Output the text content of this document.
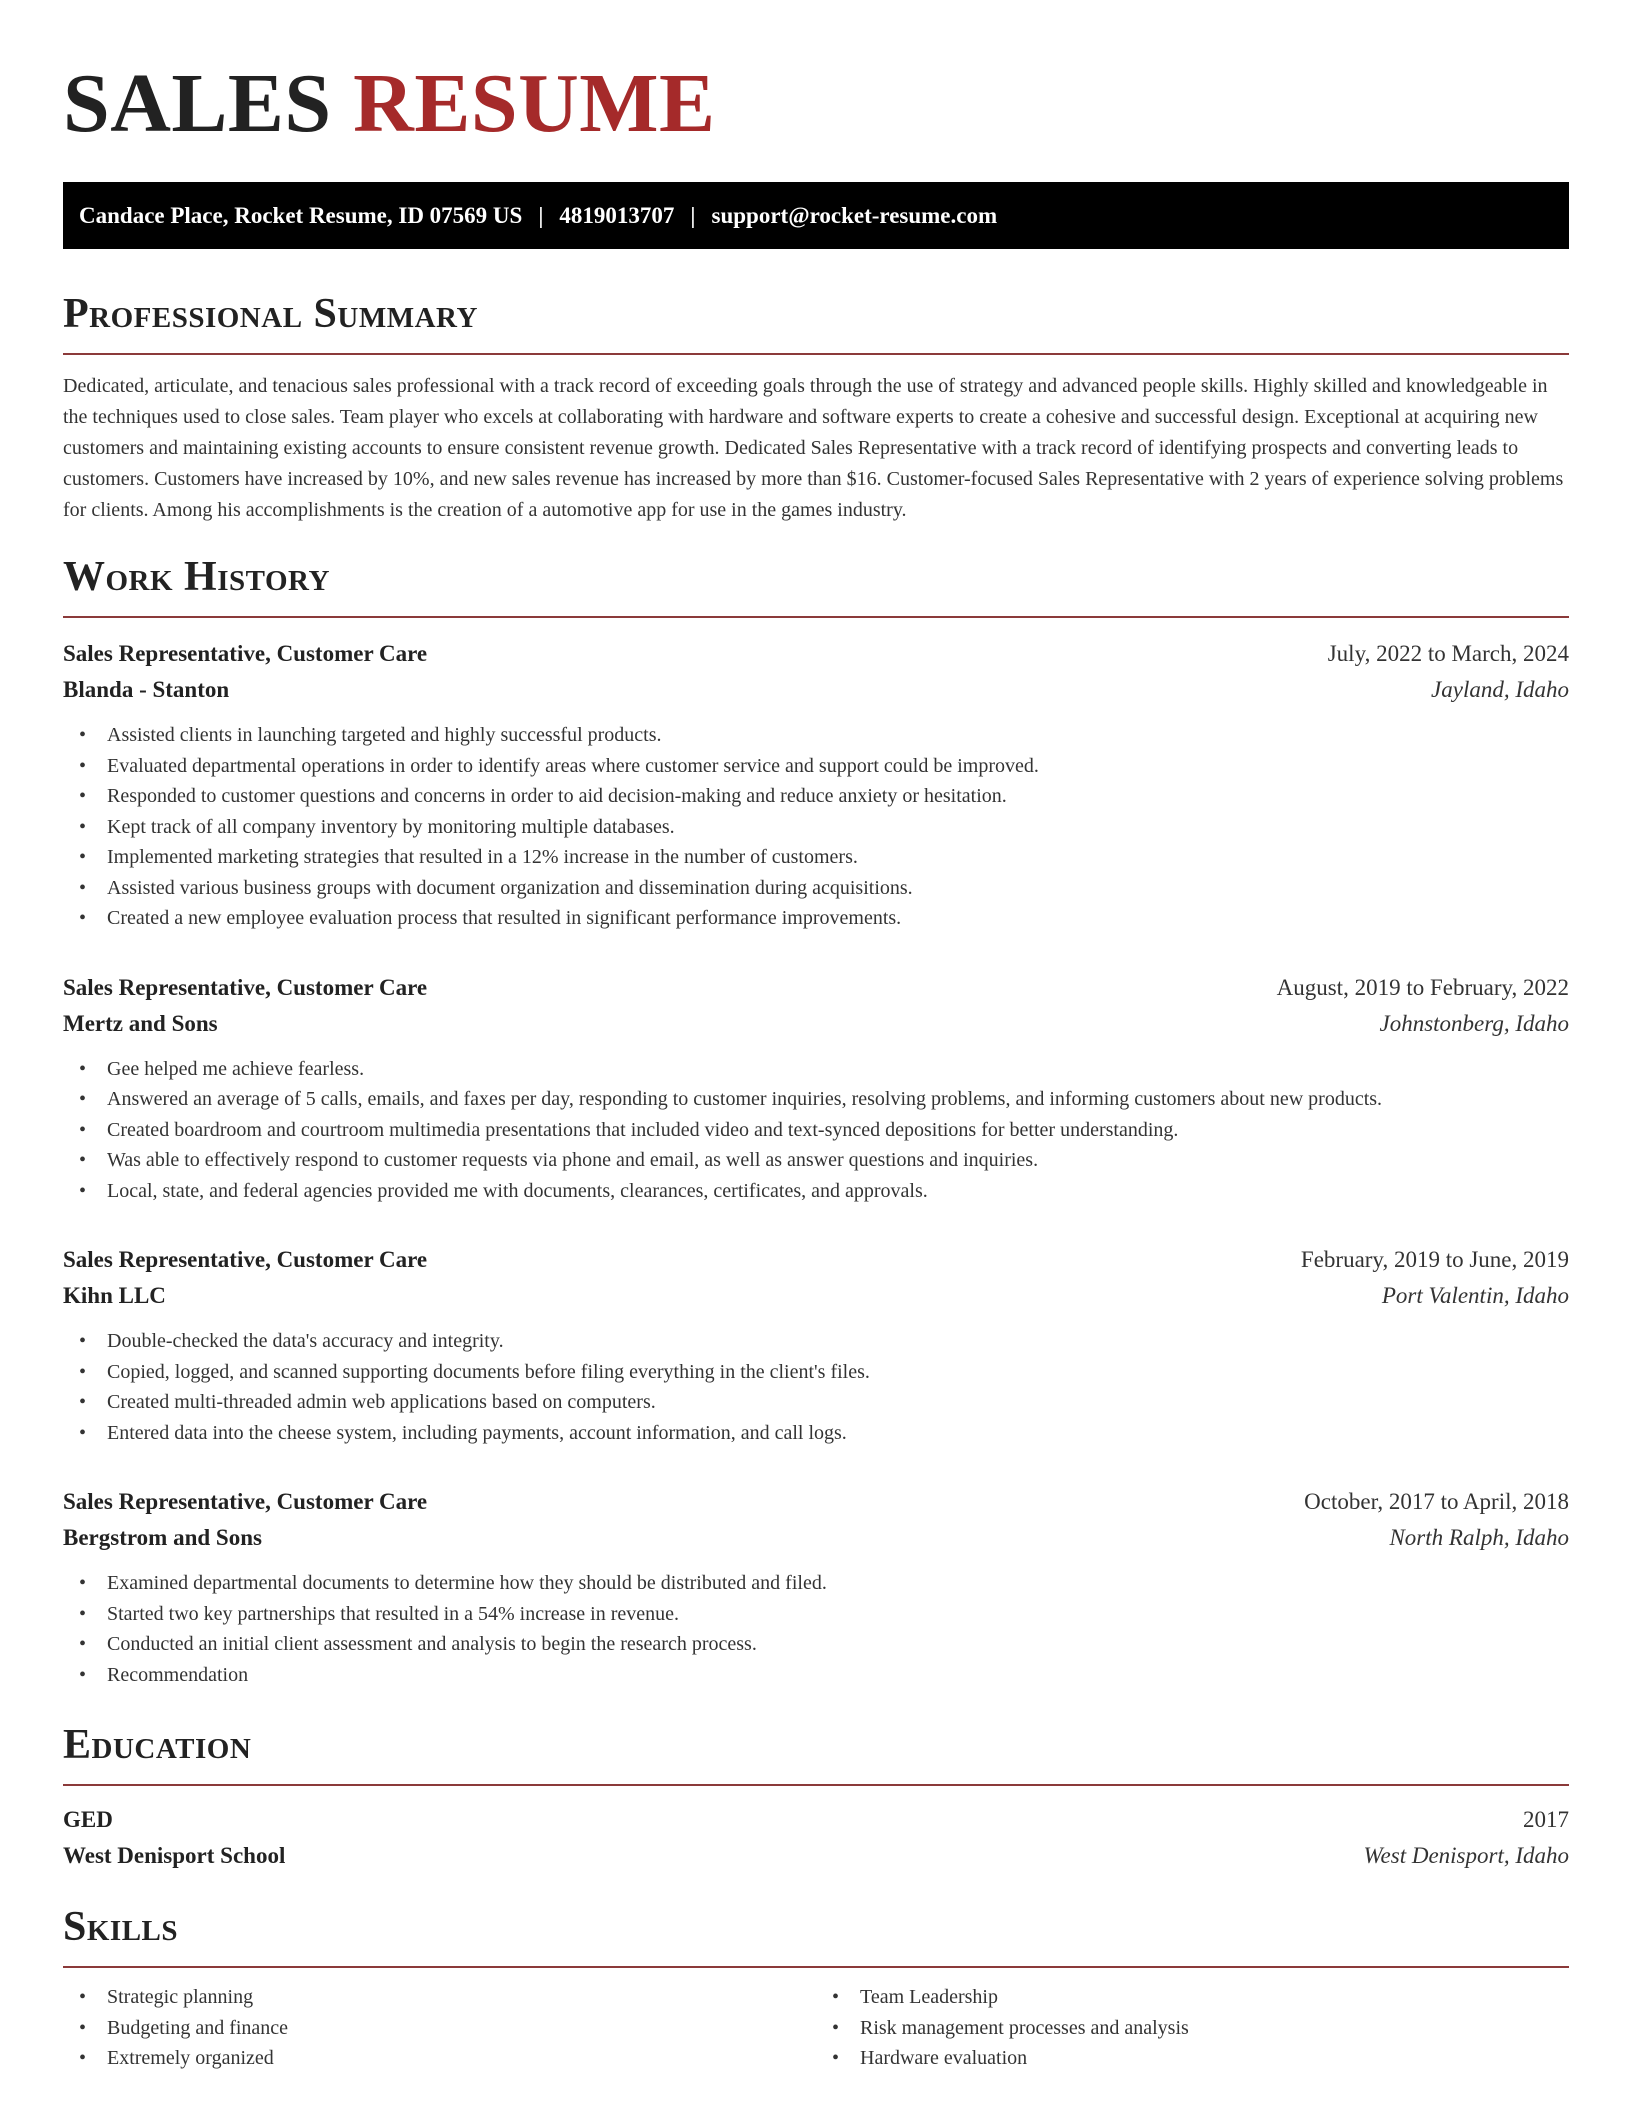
SALES RESUME
Candace Place, Rocket Resume, ID 07569 US | 4819013707 | support@rocket-resume.com
Professional Summary

Dedicated, articulate, and tenacious sales professional with a track record of exceeding goals through the use of strategy and advanced people skills. Highly skilled and knowledgeable in the techniques used to close sales. Team player who excels at collaborating with hardware and software experts to create a cohesive and successful design. Exceptional at acquiring new customers and maintaining existing accounts to ensure consistent revenue growth. Dedicated Sales Representative with a track record of identifying prospects and converting leads to customers. Customers have increased by 10%, and new sales revenue has increased by more than $16. Customer-focused Sales Representative with 2 years of experience solving problems for clients. Among his accomplishments is the creation of a automotive app for use in the games industry.

Work History
Sales Representative, Customer Care	July, 2022 to March, 2024
Blanda - Stanton	Jayland, Idaho
• Assisted clients in launching targeted and highly successful products.
• Evaluated departmental operations in order to identify areas where customer service and support could be improved.
• Responded to customer questions and concerns in order to aid decision-making and reduce anxiety or hesitation.
• Kept track of all company inventory by monitoring multiple databases.
• Implemented marketing strategies that resulted in a 12% increase in the number of customers.
• Assisted various business groups with document organization and dissemination during acquisitions.
• Created a new employee evaluation process that resulted in significant performance improvements.
Sales Representative, Customer Care	August, 2019 to February, 2022
Mertz and Sons	Johnstonberg, Idaho
• Gee helped me achieve fearless.
• Answered an average of 5 calls, emails, and faxes per day, responding to customer inquiries, resolving problems, and informing customers about new products.
• Created boardroom and courtroom multimedia presentations that included video and text-synced depositions for better understanding.
• Was able to effectively respond to customer requests via phone and email, as well as answer questions and inquiries.
• Local, state, and federal agencies provided me with documents, clearances, certificates, and approvals.
Sales Representative, Customer Care	February, 2019 to June, 2019
Kihn LLC	Port Valentin, Idaho
• Double-checked the data's accuracy and integrity.
• Copied, logged, and scanned supporting documents before filing everything in the client's files.
• Created multi-threaded admin web applications based on computers.
• Entered data into the cheese system, including payments, account information, and call logs.
Sales Representative, Customer Care	October, 2017 to April, 2018
Bergstrom and Sons	North Ralph, Idaho
• Examined departmental documents to determine how they should be distributed and filed.
• Started two key partnerships that resulted in a 54% increase in revenue.
• Conducted an initial client assessment and analysis to begin the research process.
• Recommendation
Education
GED	2017
West Denisport School	West Denisport, Idaho
Skills
• Strategic planning
• Budgeting and finance
• Extremely organized
• Team Leadership
• Risk management processes and analysis
• Hardware evaluation
